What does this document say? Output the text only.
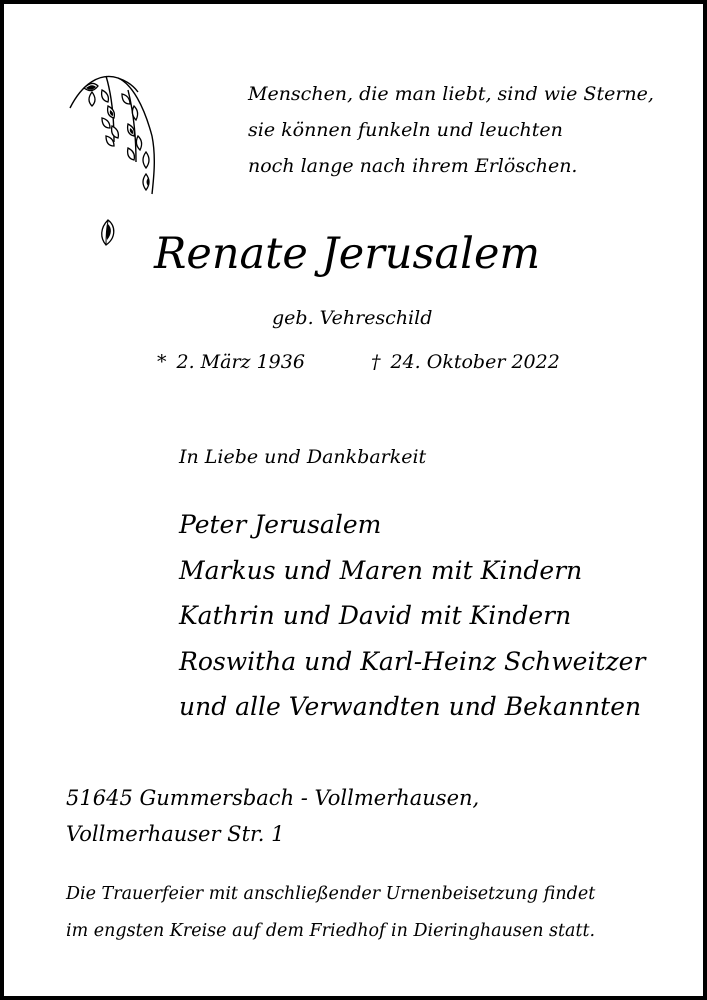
Menschen, die man liebt, sind wie Sterne,
sie können funkeln und leuchten
noch lange nach ihrem Erlöschen.
Renate Jerusalem
geb. Vehreschild
* 2. März 1936	† 24. Oktober 2022
In Liebe und Dankbarkeit
Peter Jerusalem
Markus und Maren mit Kindern
Kathrin und David mit Kindern
Roswitha und Karl-Heinz Schweitzer
und alle Verwandten und Bekannten
51645 Gummersbach - Vollmerhausen,
Vollmerhauser Str. 1
Die Trauerfeier mit anschließender Urnenbeisetzung findet
im engsten Kreise auf dem Friedhof in Dieringhausen statt.
